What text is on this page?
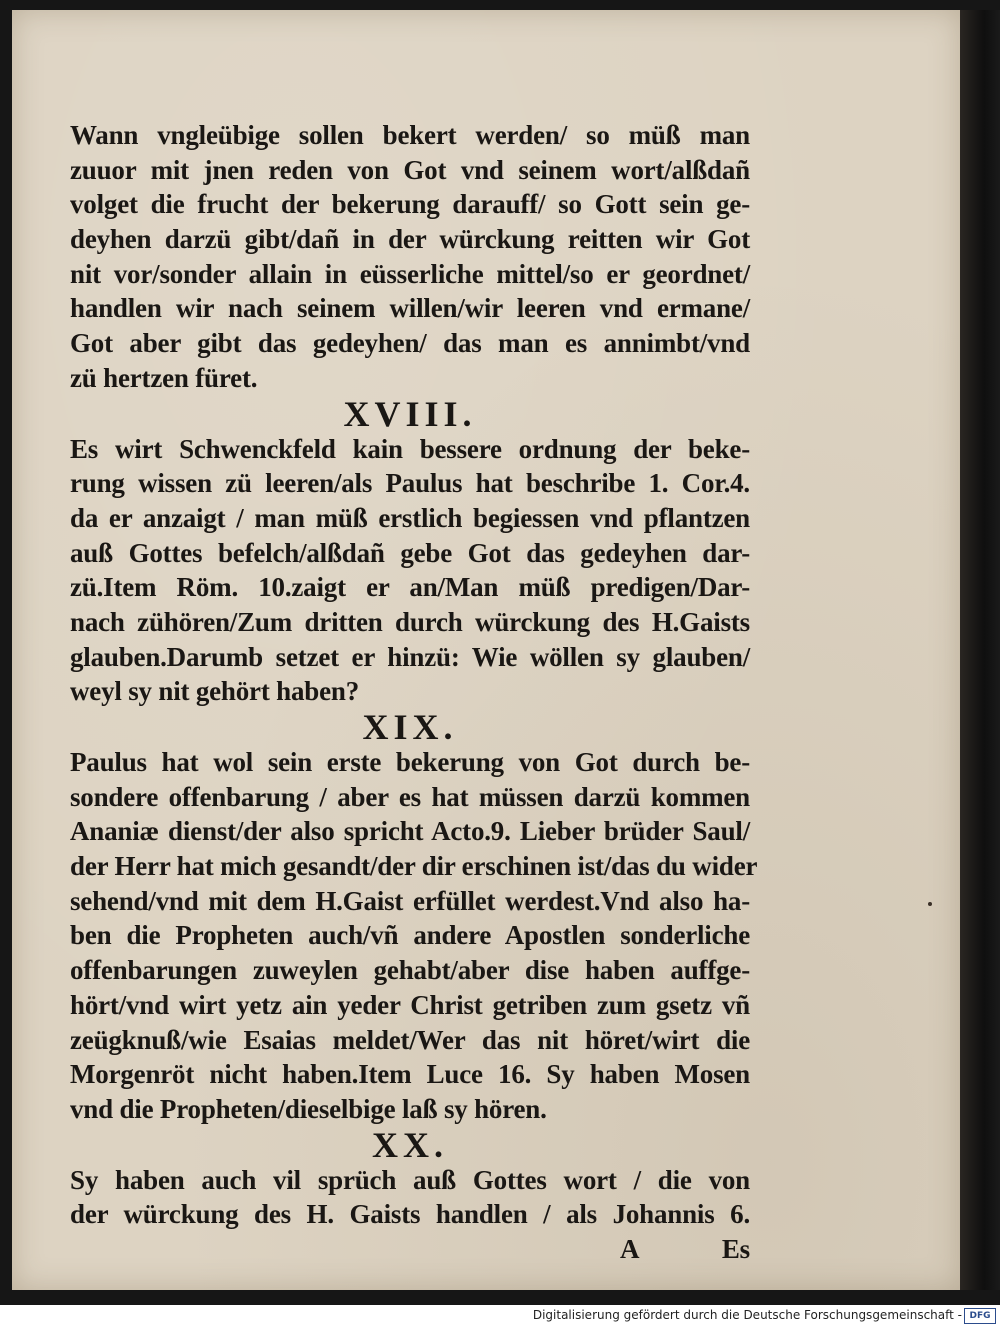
Wann vngleübige sollen bekert werden/ so müß man
zuuor mit jnen reden von Got vnd seinem wort/alßdañ
volget die frucht der bekerung darauff/ so Gott sein ge-
deyhen darzü gibt/dañ in der würckung reitten wir Got
nit vor/sonder allain in eüsserliche mittel/so er geordnet/
handlen wir nach seinem willen/wir leeren vnd ermane/
Got aber gibt das gedeyhen/ das man es annimbt/vnd
zü hertzen füret.
XVIII.
Es wirt Schwenckfeld kain bessere ordnung der beke-
rung wissen zü leeren/als Paulus hat beschribe 1. Cor.4.
da er anzaigt / man müß erstlich begiessen vnd pflantzen
auß Gottes befelch/alßdañ gebe Got das gedeyhen dar-
zü.Item Röm. 10.zaigt er an/Man müß predigen/Dar-
nach zühören/Zum dritten durch würckung des H.Gaists
glauben.Darumb setzet er hinzü: Wie wöllen sy glauben/
weyl sy nit gehört haben?
XIX.
Paulus hat wol sein erste bekerung von Got durch be-
sondere offenbarung / aber es hat müssen darzü kommen
Ananiæ dienst/der also spricht Acto.9. Lieber brüder Saul/
der Herr hat mich gesandt/der dir erschinen ist/das du wider
sehend/vnd mit dem H.Gaist erfüllet werdest.Vnd also ha-
ben die Propheten auch/vñ andere Apostlen sonderliche
offenbarungen zuweylen gehabt/aber dise haben auffge-
hört/vnd wirt yetz ain yeder Christ getriben zum gsetz vñ
zeügknuß/wie Esaias meldet/Wer das nit höret/wirt die
Morgenröt nicht haben.Item Luce 16. Sy haben Mosen
vnd die Propheten/dieselbige laß sy hören.
XX.
Sy haben auch vil sprüch auß Gottes wort / die von
der würckung des H. Gaists handlen / als Johannis 6.
A	Es
Digitalisierung gefördert durch die Deutsche Forschungsgemeinschaft - DFG
